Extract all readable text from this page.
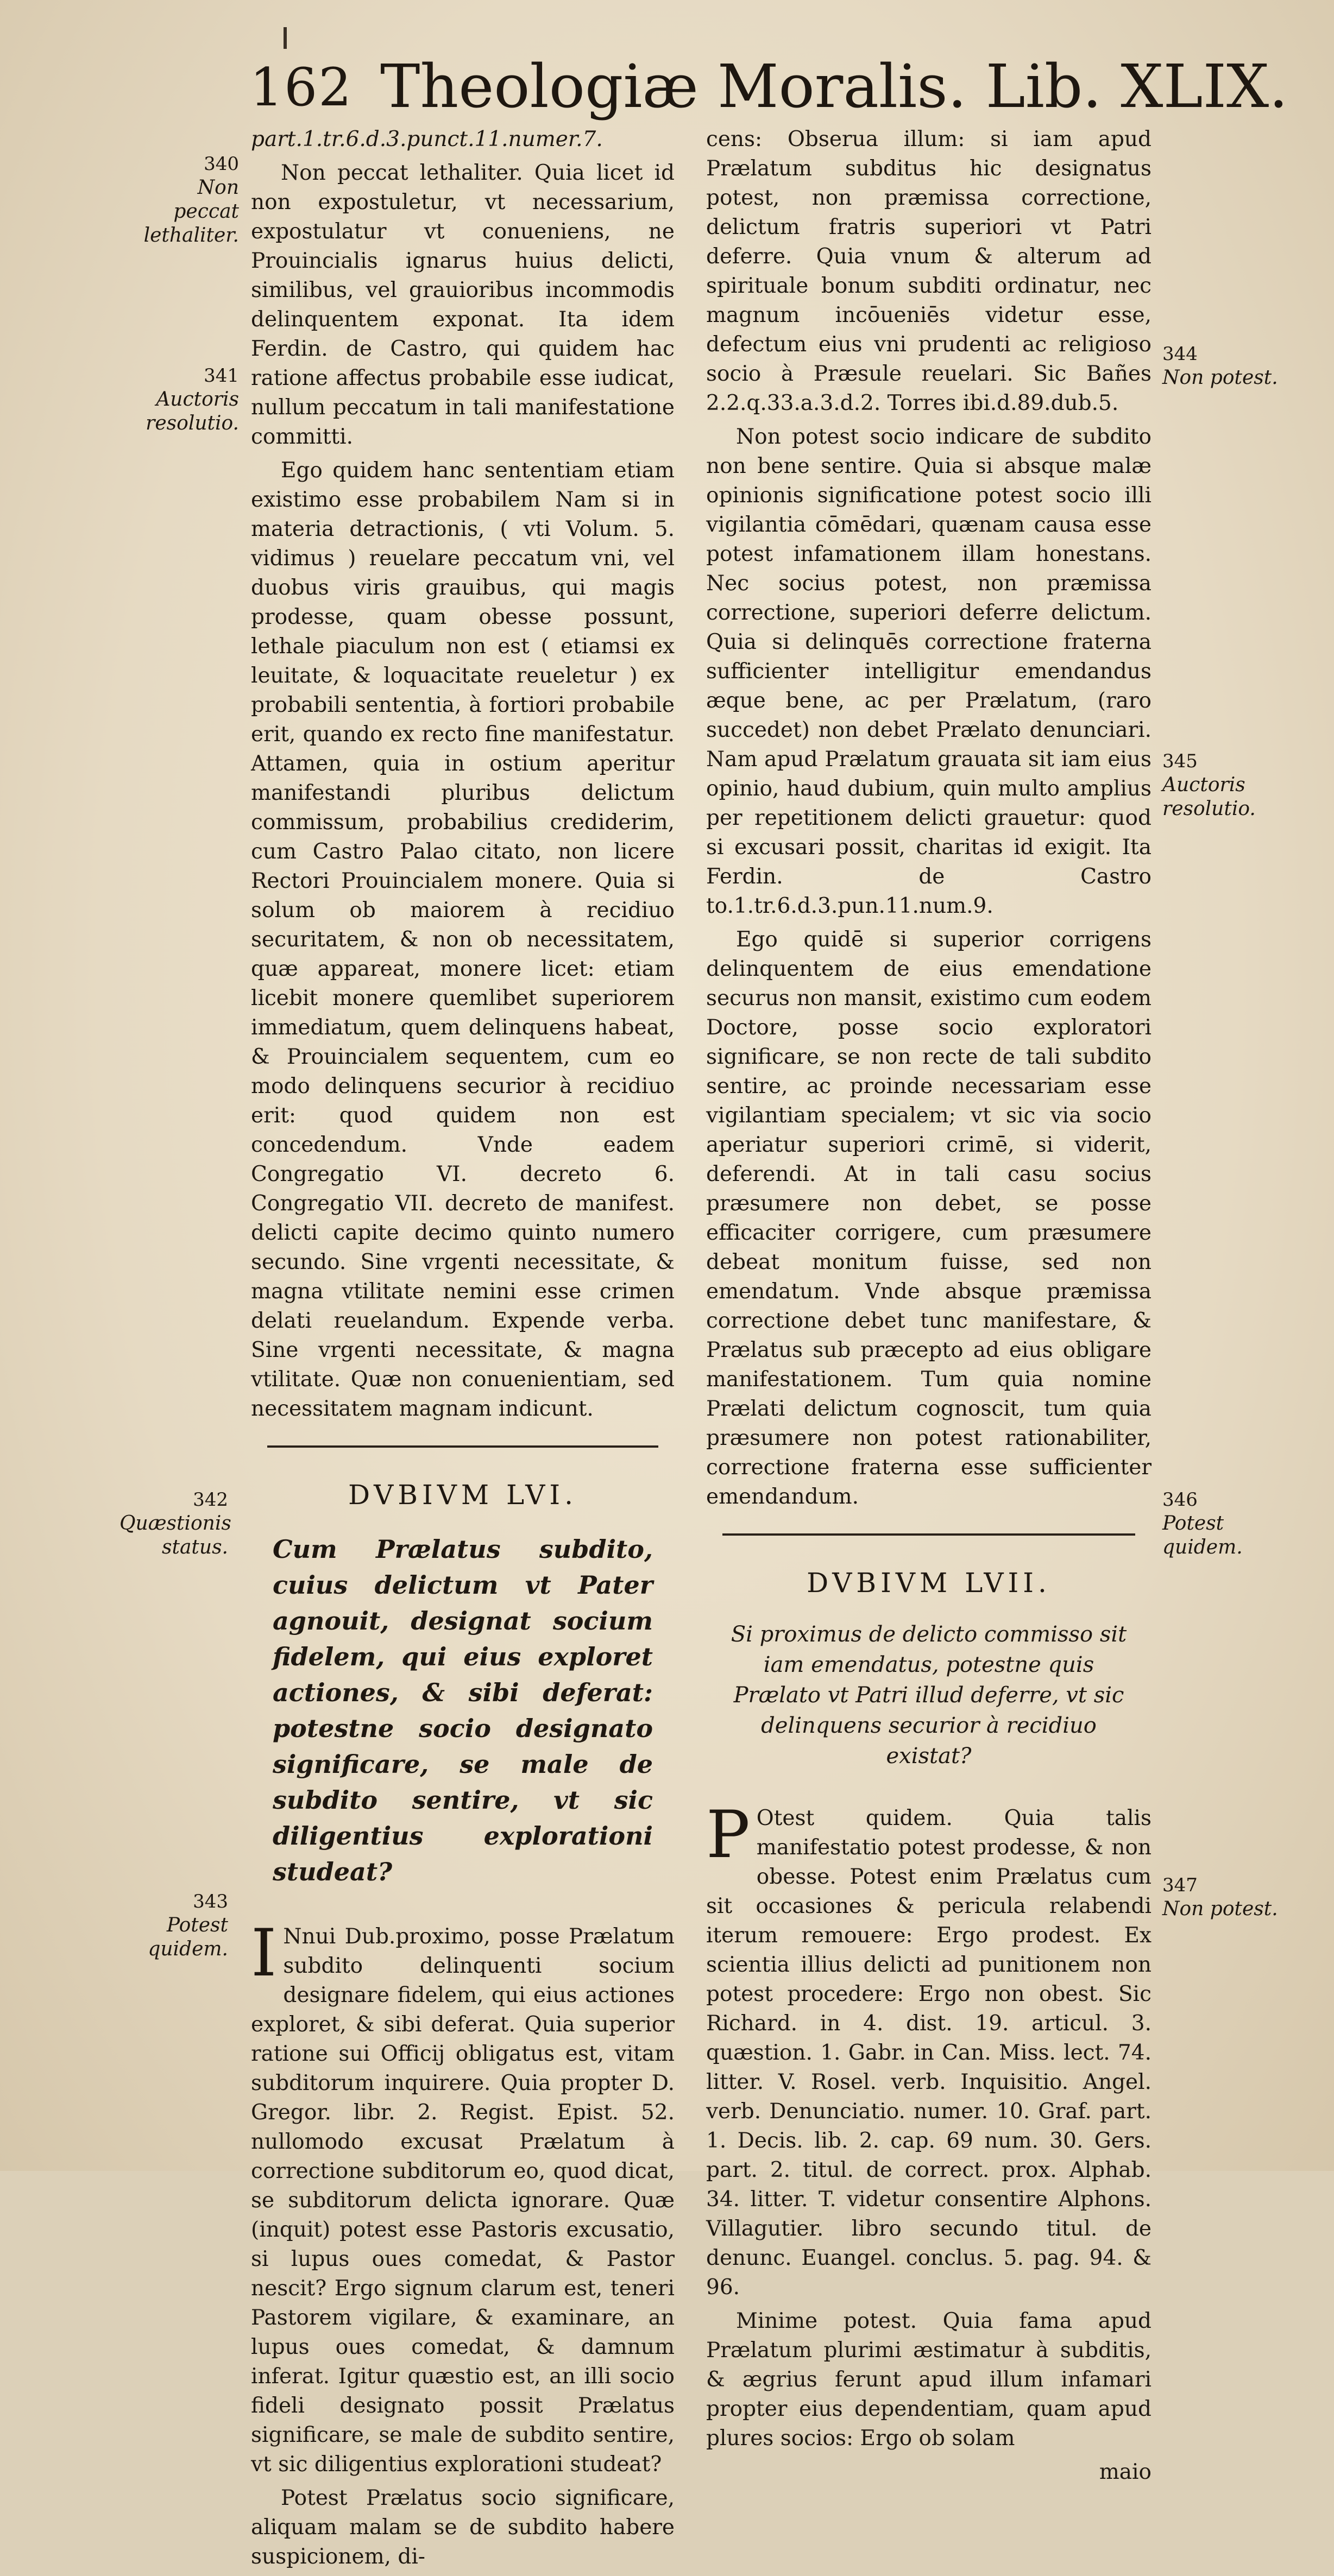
162 Theologiæ Moralis. Lib. XLIX.

part.1.tr.6.d.3.punct.11.numer.7.

Non peccat lethaliter. Quia licet id non expostuletur, vt necessarium, expostulatur vt conueniens, ne Prouincialis ignarus huius delicti, similibus, vel grauioribus incommodis delinquentem exponat. Ita idem Ferdin. de Castro, qui quidem hac ratione affectus probabile esse iudicat, nullum peccatum in tali manifestatione committi.

Ego quidem hanc sententiam etiam existimo esse probabilem Nam si in materia detractionis, ( vti Volum. 5. vidimus ) reuelare peccatum vni, vel duobus viris grauibus, qui magis prodesse, quam obesse possunt, lethale piaculum non est ( etiamsi ex leuitate, & loquacitate reueletur ) ex probabili sententia, à fortiori probabile erit, quando ex recto fine manifestatur. Attamen, quia in ostium aperitur manifestandi pluribus delictum commissum, probabilius crediderim, cum Castro Palao citato, non licere Rectori Prouincialem monere. Quia si solum ob maiorem à recidiuo securitatem, & non ob necessitatem, quæ appareat, monere licet: etiam licebit monere quemlibet superiorem immediatum, quem delinquens habeat, & Prouincialem sequentem, cum eo modo delinquens securior à recidiuo erit: quod quidem non est concedendum. Vnde eadem Congregatio VI. decreto 6. Congregatio VII. decreto de manifest. delicti capite decimo quinto numero secundo. Sine vrgenti necessitate, & magna vtilitate nemini esse crimen delati reuelandum. Expende verba. Sine vrgenti necessitate, & magna vtilitate. Quæ non conuenientiam, sed necessitatem magnam indicunt.

DVBIVM LVI.
Cum Prælatus subdito, cuius delictum vt Pater agnouit, designat socium fidelem, qui eius exploret actiones, & sibi deferat: potestne socio designato significare, se male de subdito sentire, vt sic diligentius explorationi studeat?

I Nnui Dub.proximo, posse Prælatum subdito delinquenti socium designare fidelem, qui eius actiones exploret, & sibi deferat. Quia superior ratione sui Officij obligatus est, vitam subditorum inquirere. Quia propter D. Gregor. libr. 2. Regist. Epist. 52. nullomodo excusat Prælatum à correctione subditorum eo, quod dicat, se subditorum delicta ignorare. Quæ (inquit) potest esse Pastoris excusatio, si lupus oues comedat, & Pastor nescit? Ergo signum clarum est, teneri Pastorem vigilare, & examinare, an lupus oues comedat, & damnum inferat. Igitur quæstio est, an illi socio fideli designato possit Prælatus significare, se male de subdito sentire, vt sic diligentius explorationi studeat?

Potest Prælatus socio significare, aliquam malam se de subdito habere suspicionem, di-

cens: Obserua illum: si iam apud Prælatum subditus hic designatus potest, non præmissa correctione, delictum fratris superiori vt Patri deferre. Quia vnum & alterum ad spirituale bonum subditi ordinatur, nec magnum incōueniēs videtur esse, defectum eius vni prudenti ac religioso socio à Præsule reuelari. Sic Bañes 2.2.q.33.a.3.d.2. Torres ibi.d.89.dub.5.

Non potest socio indicare de subdito non bene sentire. Quia si absque malæ opinionis significatione potest socio illi vigilantia cōmēdari, quænam causa esse potest infamationem illam honestans. Nec socius potest, non præmissa correctione, superiori deferre delictum. Quia si delinquēs correctione fraterna sufficienter intelligitur emendandus æque bene, ac per Prælatum, (raro succedet) non debet Prælato denunciari. Nam apud Prælatum grauata sit iam eius opinio, haud dubium, quin multo amplius per repetitionem delicti grauetur: quod si excusari possit, charitas id exigit. Ita Ferdin. de Castro to.1.tr.6.d.3.pun.11.num.9.

Ego quidē si superior corrigens delinquentem de eius emendatione securus non mansit, existimo cum eodem Doctore, posse socio exploratori significare, se non recte de tali subdito sentire, ac proinde necessariam esse vigilantiam specialem; vt sic via socio aperiatur superiori crimē, si viderit, deferendi. At in tali casu socius præsumere non debet, se posse efficaciter corrigere, cum præsumere debeat monitum fuisse, sed non emendatum. Vnde absque præmissa correctione debet tunc manifestare, & Prælatus sub præcepto ad eius obligare manifestationem. Tum quia nomine Prælati delictum cognoscit, tum quia præsumere non potest rationabiliter, correctione fraterna esse sufficienter emendandum.

DVBIVM LVII.
Si proximus de delicto commisso sit iam emendatus, potestne quis Prælato vt Patri illud deferre, vt sic delinquens securior à recidiuo existat?

P Otest quidem. Quia talis manifestatio potest prodesse, & non obesse. Potest enim Prælatus cum sit occasiones & pericula relabendi iterum remouere: Ergo prodest. Ex scientia illius delicti ad punitionem non potest procedere: Ergo non obest. Sic Richard. in 4. dist. 19. articul. 3. quæstion. 1. Gabr. in Can. Miss. lect. 74. litter. V. Rosel. verb. Inquisitio. Angel. verb. Denunciatio. numer. 10. Graf. part. 1. Decis. lib. 2. cap. 69 num. 30. Gers. part. 2. titul. de correct. prox. Alphab. 34. litter. T. videtur consentire Alphons. Villagutier. libro secundo titul. de denunc. Euangel. conclus. 5. pag. 94. & 96.

Minime potest. Quia fama apud Prælatum plurimi æstimatur à subditis, & ægrius ferunt apud illum infamari propter eius dependentiam, quam apud plures socios: Ergo ob solam

maio

340
Non peccat lethaliter.
341
Auctoris resolutio.
342
Quæstionis status.
343
Potest quidem.
344
Non potest.
345
Auctoris resolutio.
346
Potest quidem.
347
Non potest.
